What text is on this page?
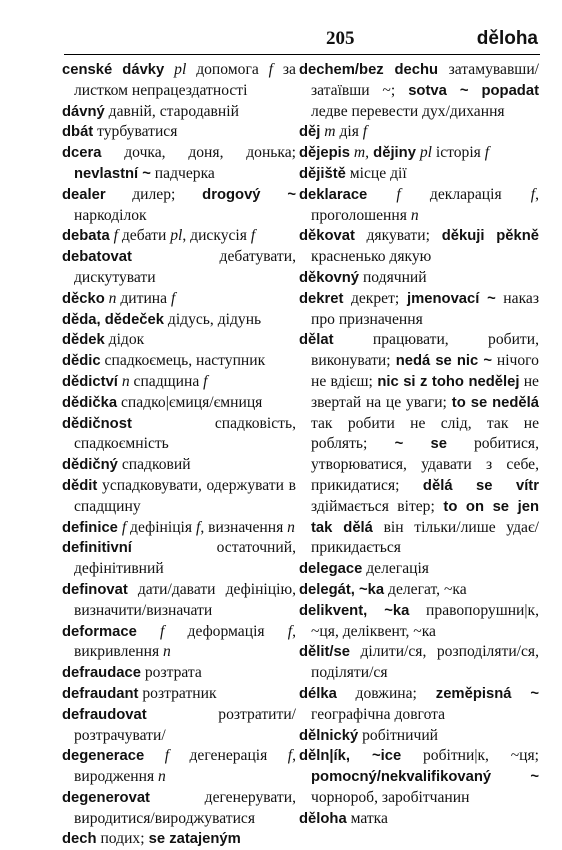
205	děloha

censké dávky pl допомога f за листком непрацездатності

dávný давній, стародавній

dbát турбуватися

dcera дочка, доня, донька; nevlastní ~ падчерка

dealer дилер; drogový ~ наркоділок

debata f дебати pl, дискусія f

debatovat дебатувати, дискутувати

děcko n дитина f

děda, dědeček дідусь, дідунь

dědek дідок

dědic спадкоємець, наступник

dědictví n спадщина f

dědička спадко|ємиця/ємниця

dědičnost спадковість, спадкоємність

dědičný спадковий

dědit успадковувати, одержувати в спадщину

definice f дефініція f, визначення n

definitivní остаточний, дефінітивний

definovat дати/давати дефініцію, визначити/визначати

deformace f деформація f, викривлення n

defraudace розтрата

defraudant розтратник

defraudovat розтратити/розтрачувати/

degenerace f дегенерація f, виродження n

degenerovat дегенерувати, виродитися/вироджуватися

dech подих; se zatajeným

dechem/bez dechu затамувавши/затаївши ~; sotva ~ popadat ледве перевести дух/дихання

děj m дія f

dějepis m, dějiny pl історія f

dějiště місце дії

deklarace f декларація f, проголошення n

děkovat дякувати; děkuji pěkně красненько дякую

děkovný подячний

dekret декрет; jmenovací ~ наказ про призначення

dělat працювати, робити, виконувати; nedá se nic ~ нічого не вдієш; nic si z toho nedělej не звертай на це уваги; to se nedělá так робити не слід, так не роблять; ~ se робитися, утворюватися, удавати з себе, прикидатися; dělá se vítr здіймається вітер; to on se jen tak dělá він тільки/лише удає/прикидається

delegace делегація

delegát, ~ka делегат, ~ка

delikvent, ~ka правопорушни|к, ~ця, деліквент, ~ка

dělit/se ділити/ся, розподіляти/ся, поділяти/ся

délka довжина; zeměpisná ~ географічна довгота

dělnický робітничий

děln|ík, ~ice робітни|к, ~ця; pomocný/nekvalifikovaný ~ чорнороб, заробітчанин

děloha матка
